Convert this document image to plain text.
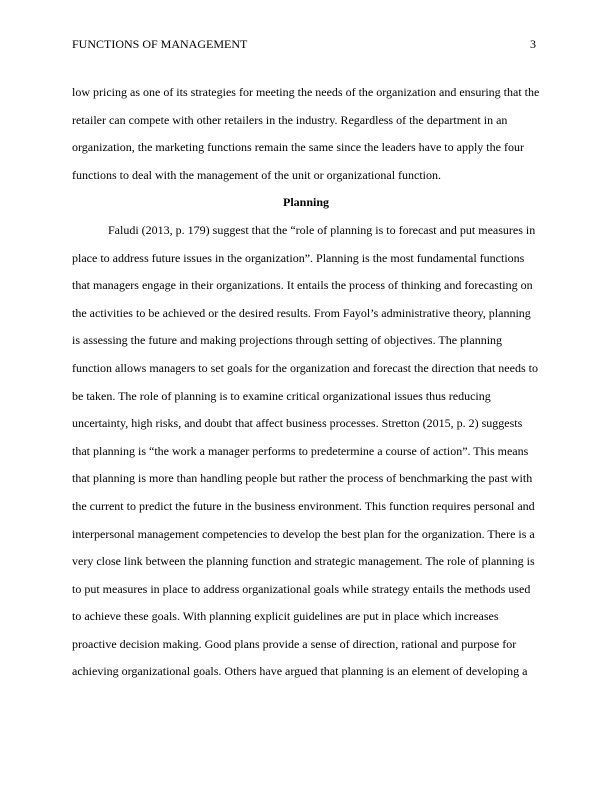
FUNCTIONS OF MANAGEMENT	3
low pricing as one of its strategies for meeting the needs of the organization and ensuring that the
retailer can compete with other retailers in the industry. Regardless of the department in an
organization, the marketing functions remain the same since the leaders have to apply the four
functions to deal with the management of the unit or organizational function.
Planning
Faludi (2013, p. 179) suggest that the “role of planning is to forecast and put measures in
place to address future issues in the organization”. Planning is the most fundamental functions
that managers engage in their organizations. It entails the process of thinking and forecasting on
the activities to be achieved or the desired results. From Fayol’s administrative theory, planning
is assessing the future and making projections through setting of objectives. The planning
function allows managers to set goals for the organization and forecast the direction that needs to
be taken. The role of planning is to examine critical organizational issues thus reducing
uncertainty, high risks, and doubt that affect business processes. Stretton (2015, p. 2) suggests
that planning is “the work a manager performs to predetermine a course of action”. This means
that planning is more than handling people but rather the process of benchmarking the past with
the current to predict the future in the business environment. This function requires personal and
interpersonal management competencies to develop the best plan for the organization. There is a
very close link between the planning function and strategic management. The role of planning is
to put measures in place to address organizational goals while strategy entails the methods used
to achieve these goals. With planning explicit guidelines are put in place which increases
proactive decision making. Good plans provide a sense of direction, rational and purpose for
achieving organizational goals. Others have argued that planning is an element of developing a
